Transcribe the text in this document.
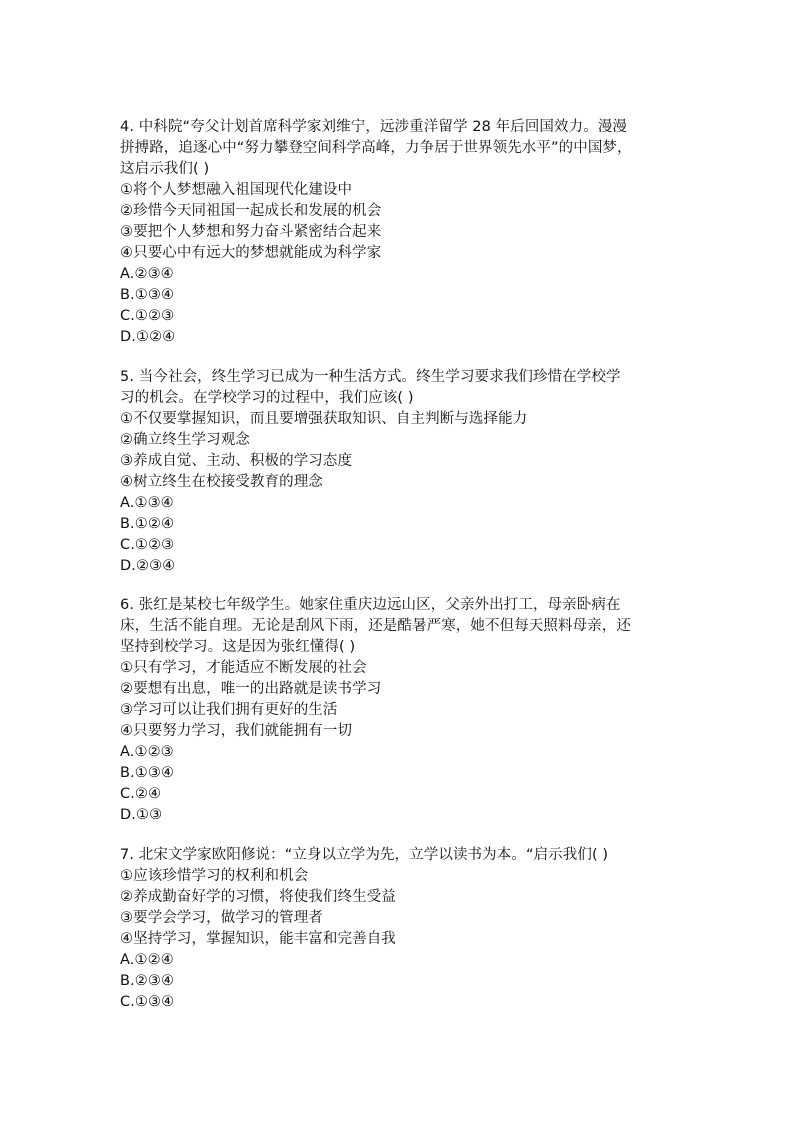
4. 中科院“夸父计划首席科学家刘维宁，远涉重洋留学 28 年后回国效力。漫漫
拼搏路，追逐心中“努力攀登空间科学高峰，力争居于世界领先水平”的中国梦，
这启示我们( )
①将个人梦想融入祖国现代化建设中
②珍惜今天同祖国一起成长和发展的机会
③要把个人梦想和努力奋斗紧密结合起来
④只要心中有远大的梦想就能成为科学家
A.②③④
B.①③④
C.①②③
D.①②④
5. 当今社会，终生学习已成为一种生活方式。终生学习要求我们珍惜在学校学
习的机会。在学校学习的过程中，我们应该( )
①不仅要掌握知识，而且要增强获取知识、自主判断与选择能力
②确立终生学习观念
③养成自觉、主动、积极的学习态度
④树立终生在校接受教育的理念
A.①③④
B.①②④
C.①②③
D.②③④
6. 张红是某校七年级学生。她家住重庆边远山区，父亲外出打工，母亲卧病在
床，生活不能自理。无论是刮风下雨，还是酷暑严寒，她不但每天照料母亲，还
坚持到校学习。这是因为张红懂得( )
①只有学习，才能适应不断发展的社会
②要想有出息，唯一的出路就是读书学习
③学习可以让我们拥有更好的生活
④只要努力学习，我们就能拥有一切
A.①②③
B.①③④
C.②④
D.①③
7. 北宋文学家欧阳修说：“立身以立学为先，立学以读书为本。“启示我们( )
①应该珍惜学习的权利和机会
②养成勤奋好学的习惯，将使我们终生受益
③要学会学习，做学习的管理者
④坚持学习，掌握知识，能丰富和完善自我
A.①②④
B.②③④
C.①③④
